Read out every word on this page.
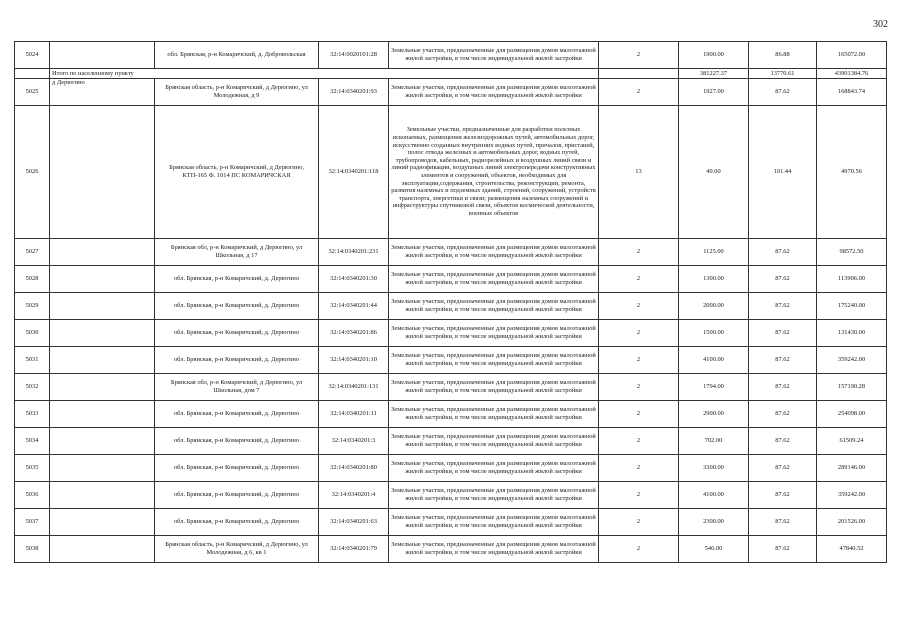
302
5024		обл. Брянская, р-н Комаричский, д. Добровольская	32:14:0020101:28	Земельные участки, предназначенные для размещения домов малоэтажной жилой застройки, в том числе индивидуальной жилой застройки	2	1900.00	86.88	165072.00
	Итого по населенному пункту					381227.37	13770.61	43901384.76
5025	д Дерюгино	Брянская область, р-н Комаричский, д Дерюгино, ул Молодежная, д 9	32:14:0340201:93	Земельные участки, предназначенные для размещения домов малоэтажной жилой застройки, в том числе индивидуальной жилой застройки	2	1927.00	87.62	168843.74
5026		Брянская область, р-н Комаричский, д Дерюгино, КТП-165 Ф. 1014 ПС КОМАРИЧСКАЯ	32:14:0340201:118	Земельные участки, предназначенные для разработки полезных ископаемых, размещения железнодорожных путей, автомобильных дорог, искусственно созданных внутренних водных путей, причалов, пристаней, полос отвода железных и автомобильных дорог, водных путей, трубопроводов, кабельных, радиорелейных и воздушных линий связи и линий радиофикации, воздушных линий электропередачи конструктивных элементов и сооружений, объектов, необходимых для эксплуатации,содержания, строительства, реконструкции, ремонта, развития наземных и подземных зданий, строений, сооружений, устройств транспорта, энергетики и связи; размещения наземных сооружений и инфраструктуры спутниковой связи, объектов космической деятельности, военных объектов	13	49.00	101.44	4970.56
5027		Брянская обл, р-н Комаричский, д Дерюгино, ул Школьная, д 17	32:14:0340201:231	Земельные участки, предназначенные для размещения домов малоэтажной жилой застройки, в том числе индивидуальной жилой застройки	2	1125.00	87.62	98572.50
5028		обл. Брянская, р-н Комаричский, д. Дерюгино	32:14:0340201:30	Земельные участки, предназначенные для размещения домов малоэтажной жилой застройки, в том числе индивидуальной жилой застройки	2	1300.00	87.62	113906.00
5029		обл. Брянская, р-н Комаричский, д. Дерюгино	32:14:0340201:44	Земельные участки, предназначенные для размещения домов малоэтажной жилой застройки, в том числе индивидуальной жилой застройки	2	2000.00	87.62	175240.00
5030		обл. Брянская, р-н Комаричский, д. Дерюгино	32:14:0340201:86	Земельные участки, предназначенные для размещения домов малоэтажной жилой застройки, в том числе индивидуальной жилой застройки	2	1500.00	87.62	131430.00
5031		обл. Брянская, р-н Комаричский, д. Дерюгино	32:14:0340201:10	Земельные участки, предназначенные для размещения домов малоэтажной жилой застройки, в том числе индивидуальной жилой застройки	2	4100.00	87.62	359242.00
5032		Брянская обл, р-н Комаричский, д Дерюгино, ул Школьная, дом 7	32:14:0340201:131	Земельные участки, предназначенные для размещения домов малоэтажной жилой застройки, в том числе индивидуальной жилой застройки	2	1794.00	87.62	157190.28
5033		обл. Брянская, р-н Комаричский, д. Дерюгино	32:14:0340201:11	Земельные участки, предназначенные для размещения домов малоэтажной жилой застройки, в том числе индивидуальной жилой застройки	2	2900.00	87.62	254098.00
5034		обл. Брянская, р-н Комаричский, д. Дерюгино	32:14:0340201:3	Земельные участки, предназначенные для размещения домов малоэтажной жилой застройки, в том числе индивидуальной жилой застройки	2	702.00	87.62	61509.24
5035		обл. Брянская, р-н Комаричский, д. Дерюгино	32:14:0340201:80	Земельные участки, предназначенные для размещения домов малоэтажной жилой застройки, в том числе индивидуальной жилой застройки	2	3300.00	87.62	289146.00
5036		обл. Брянская, р-н Комаричский, д. Дерюгино	32:14:0340201:4	Земельные участки, предназначенные для размещения домов малоэтажной жилой застройки, в том числе индивидуальной жилой застройки	2	4100.00	87.62	359242.00
5037		обл. Брянская, р-н Комаричский, д. Дерюгино	32:14:0340201:63	Земельные участки, предназначенные для размещения домов малоэтажной жилой застройки, в том числе индивидуальной жилой застройки	2	2300.00	87.62	201526.00
5038		Брянская область, р-н Комаричский, д Дерюгино, ул Молодежная, д 6, кв 1	32:14:0340201:79	Земельные участки, предназначенные для размещения домов малоэтажной жилой застройки, в том числе индивидуальной жилой застройки	2	546.00	87.62	47840.52
